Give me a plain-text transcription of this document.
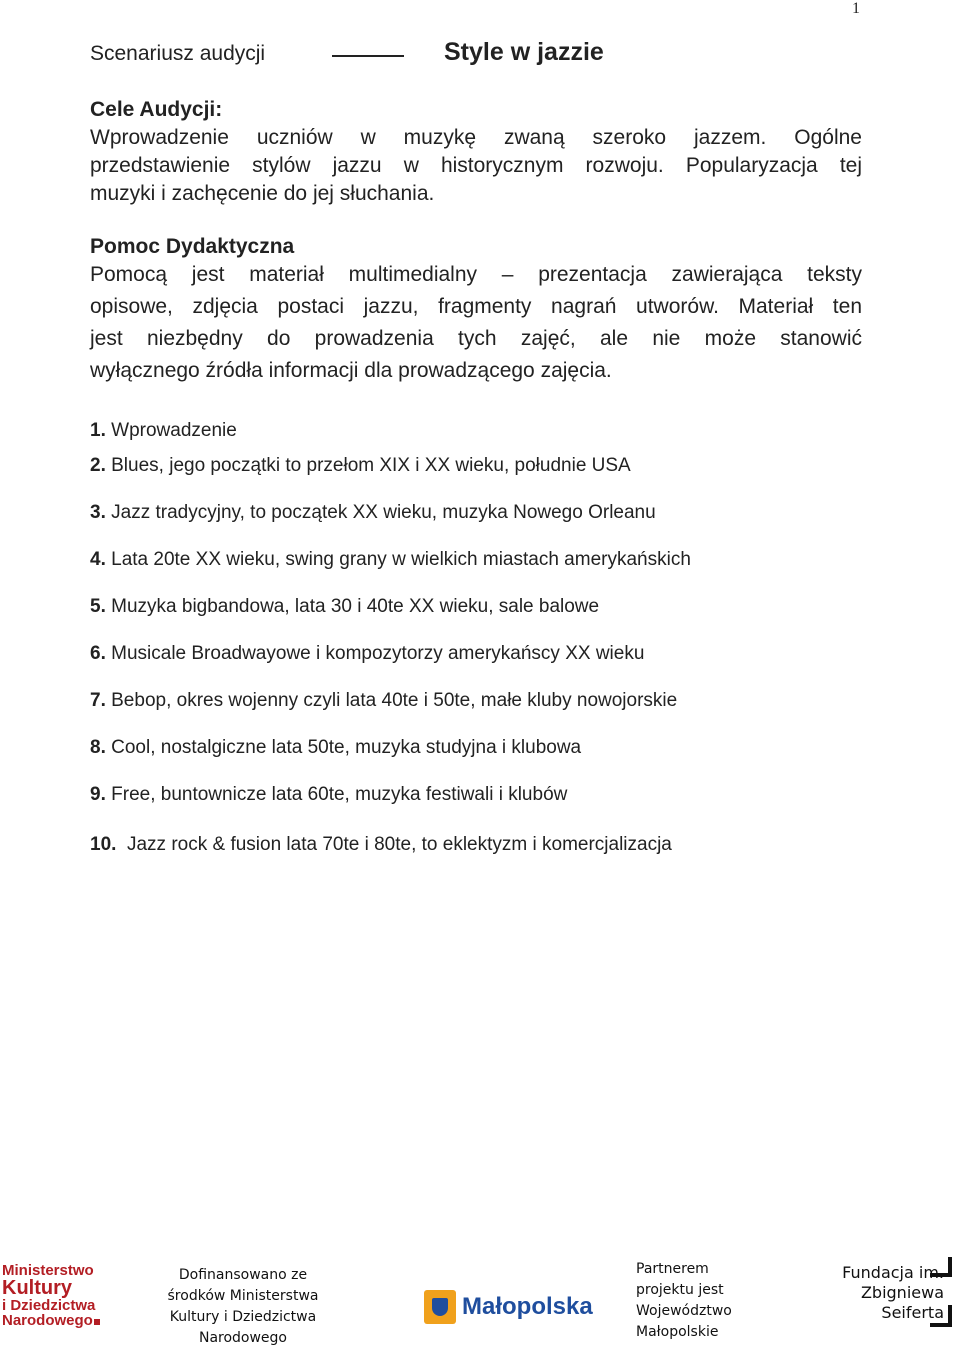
1
Scenariusz audycji	Style w jazzie
Cele Audycji:
Wprowadzenie uczniów w muzykę zwaną szeroko jazzem. Ogólne
przedstawienie stylów jazzu w historycznym rozwoju. Popularyzacja tej
muzyki i zachęcenie do jej słuchania.
Pomoc Dydaktyczna
Pomocą jest materiał multimedialny – prezentacja zawierająca teksty
opisowe, zdjęcia postaci jazzu, fragmenty nagrań utworów. Materiał ten
jest niezbędny do prowadzenia tych zajęć, ale nie może stanowić
wyłącznego źródła informacji dla prowadzącego zajęcia.
1. Wprowadzenie
2. Blues, jego początki to przełom XIX i XX wieku, południe USA
3. Jazz tradycyjny, to początek XX wieku, muzyka Nowego Orleanu
4. Lata 20te XX wieku, swing grany w wielkich miastach amerykańskich
5. Muzyka bigbandowa, lata 30 i 40te XX wieku, sale balowe
6. Musicale Broadwayowe i kompozytorzy amerykańscy XX wieku
7. Bebop, okres wojenny czyli lata 40te i 50te, małe kluby nowojorskie
8. Cool, nostalgiczne lata 50te, muzyka studyjna i klubowa
9. Free, buntownicze lata 60te, muzyka festiwali i klubów
10.  Jazz rock & fusion lata 70te i 80te, to eklektyzm i komercjalizacja
Ministerstwo
Kultury
i Dziedzictwa
Narodowego
Dofinansowano ze
środków Ministerstwa
Kultury i Dziedzictwa
Narodowego
Małopolska
Partnerem
projektu jest
Województwo
Małopolskie
Fundacja im.
Zbigniewa
Seiferta
